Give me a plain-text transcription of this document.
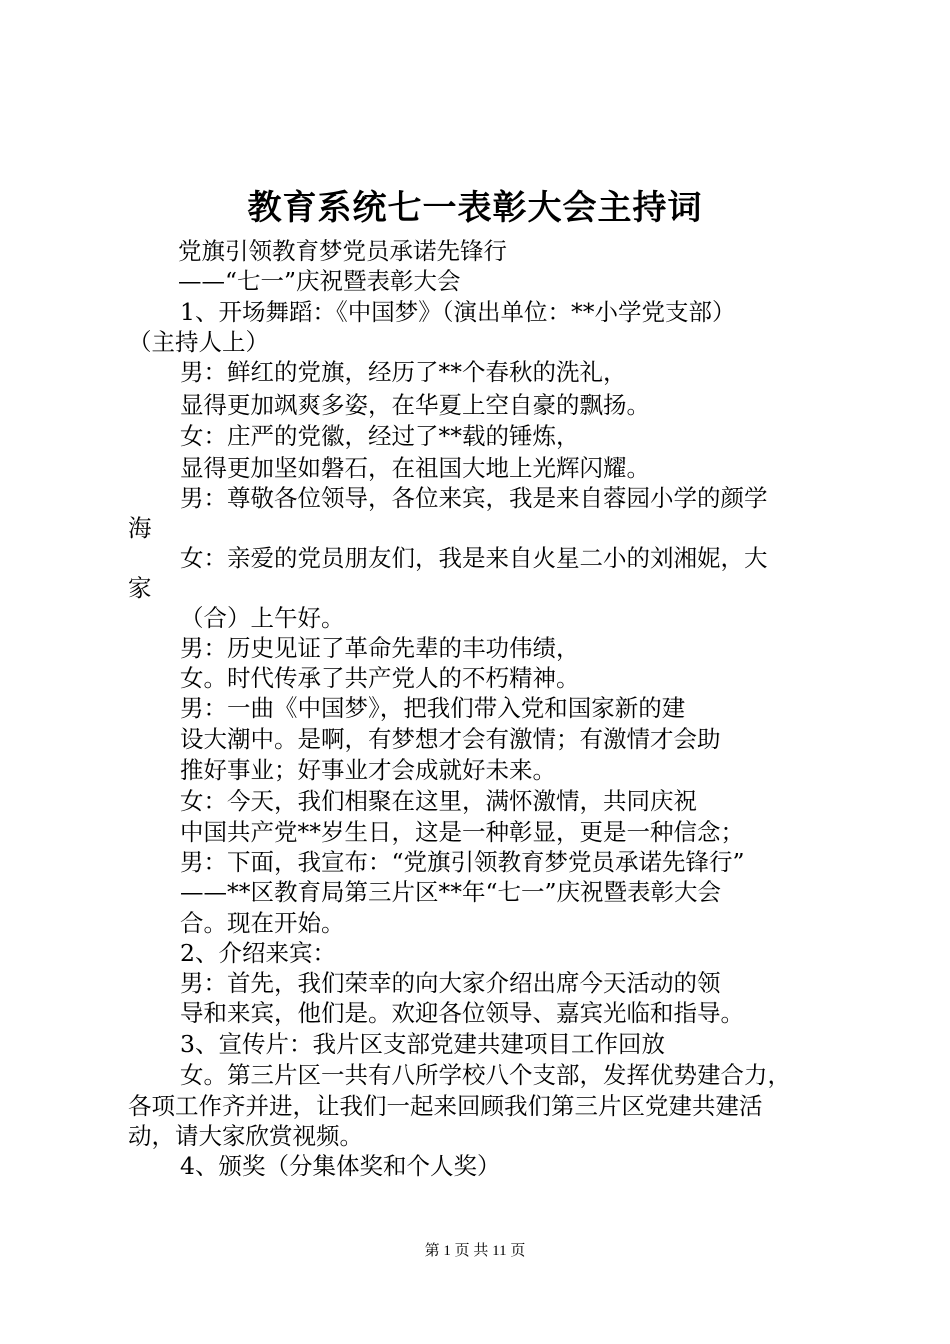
教育系统七一表彰大会主持词
党旗引领教育梦党员承诺先锋行
——“七一”庆祝暨表彰大会
1、开场舞蹈：《中国梦》（演出单位：**小学党支部）
（主持人上）
男：鲜红的党旗，经历了**个春秋的洗礼，
显得更加飒爽多姿，在华夏上空自豪的飘扬。
女：庄严的党徽，经过了**载的锤炼，
显得更加坚如磐石，在祖国大地上光辉闪耀。
男：尊敬各位领导，各位来宾，我是来自蓉园小学的颜学
海
女：亲爱的党员朋友们，我是来自火星二小的刘湘妮，大
家
（合）上午好。
男：历史见证了革命先辈的丰功伟绩，
女。时代传承了共产党人的不朽精神。
男：一曲《中国梦》，把我们带入党和国家新的建
设大潮中。是啊，有梦想才会有激情；有激情才会助
推好事业；好事业才会成就好未来。
女：今天，我们相聚在这里，满怀激情，共同庆祝
中国共产党**岁生日，这是一种彰显，更是一种信念；
男：下面，我宣布：“党旗引领教育梦党员承诺先锋行”
——**区教育局第三片区**年“七一”庆祝暨表彰大会
合。现在开始。
2、介绍来宾：
男：首先，我们荣幸的向大家介绍出席今天活动的领
导和来宾，他们是。欢迎各位领导、嘉宾光临和指导。
3、宣传片：我片区支部党建共建项目工作回放
女。第三片区一共有八所学校八个支部，发挥优势建合力，
各项工作齐并进，让我们一起来回顾我们第三片区党建共建活
动，请大家欣赏视频。
4、颁奖（分集体奖和个人奖）
第 1 页 共 11 页
